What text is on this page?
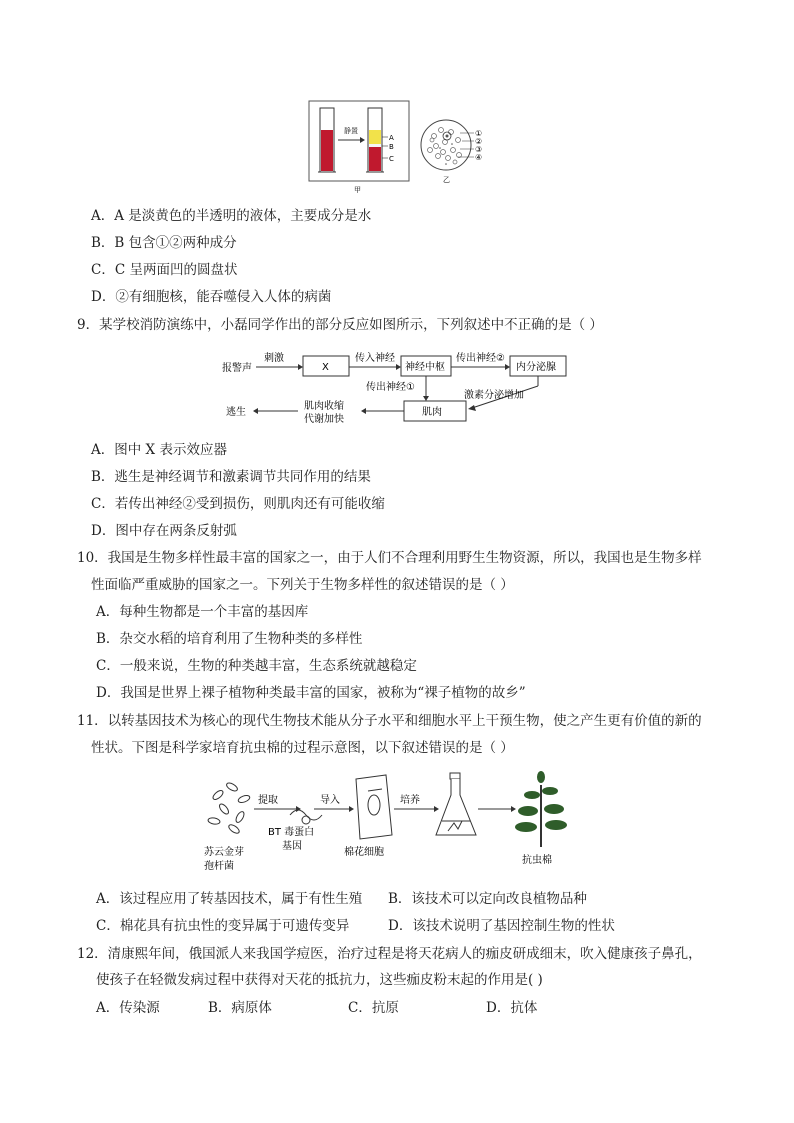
静置
A
B
C
甲
①
②
③
④
乙
A．A 是淡黄色的半透明的液体，主要成分是水
B．B 包含①②两种成分
C．C 呈两面凹的圆盘状
D．②有细胞核，能吞噬侵入人体的病菌
9．某学校消防演练中，小磊同学作出的部分反应如图所示，下列叙述中不正确的是（ ）
报警声
刺激
X
传入神经
神经中枢
传出神经②
内分泌腺
传出神经①
激素分泌增加
肌肉
肌肉收缩
代谢加快
逃生
A．图中 X 表示效应器
B．逃生是神经调节和激素调节共同作用的结果
C．若传出神经②受到损伤，则肌肉还有可能收缩
D．图中存在两条反射弧
10．我国是生物多样性最丰富的国家之一，由于人们不合理利用野生生物资源，所以，我国也是生物多样
性面临严重威胁的国家之一。下列关于生物多样性的叙述错误的是（ ）
A．每种生物都是一个丰富的基因库
B．杂交水稻的培育利用了生物种类的多样性
C．一般来说，生物的种类越丰富，生态系统就越稳定
D．我国是世界上裸子植物种类最丰富的国家，被称为“裸子植物的故乡”
11．以转基因技术为核心的现代生物技术能从分子水平和细胞水平上干预生物，使之产生更有价值的新的
性状。下图是科学家培育抗虫棉的过程示意图，以下叙述错误的是（ ）
苏云金芽
孢杆菌
提取
BT 毒蛋白
基因
导入
棉花细胞
培养
抗虫棉
A．该过程应用了转基因技术，属于有性生殖 B．该技术可以定向改良植物品种
C．棉花具有抗虫性的变异属于可遗传变异	D．该技术说明了基因控制生物的性状
12．清康熙年间，俄国派人来我国学痘医，治疗过程是将天花病人的痂皮研成细末，吹入健康孩子鼻孔，
使孩子在轻微发病过程中获得对天花的抵抗力，这些痂皮粉末起的作用是( )
A．传染源	B．病原体	C．抗原	D．抗体
